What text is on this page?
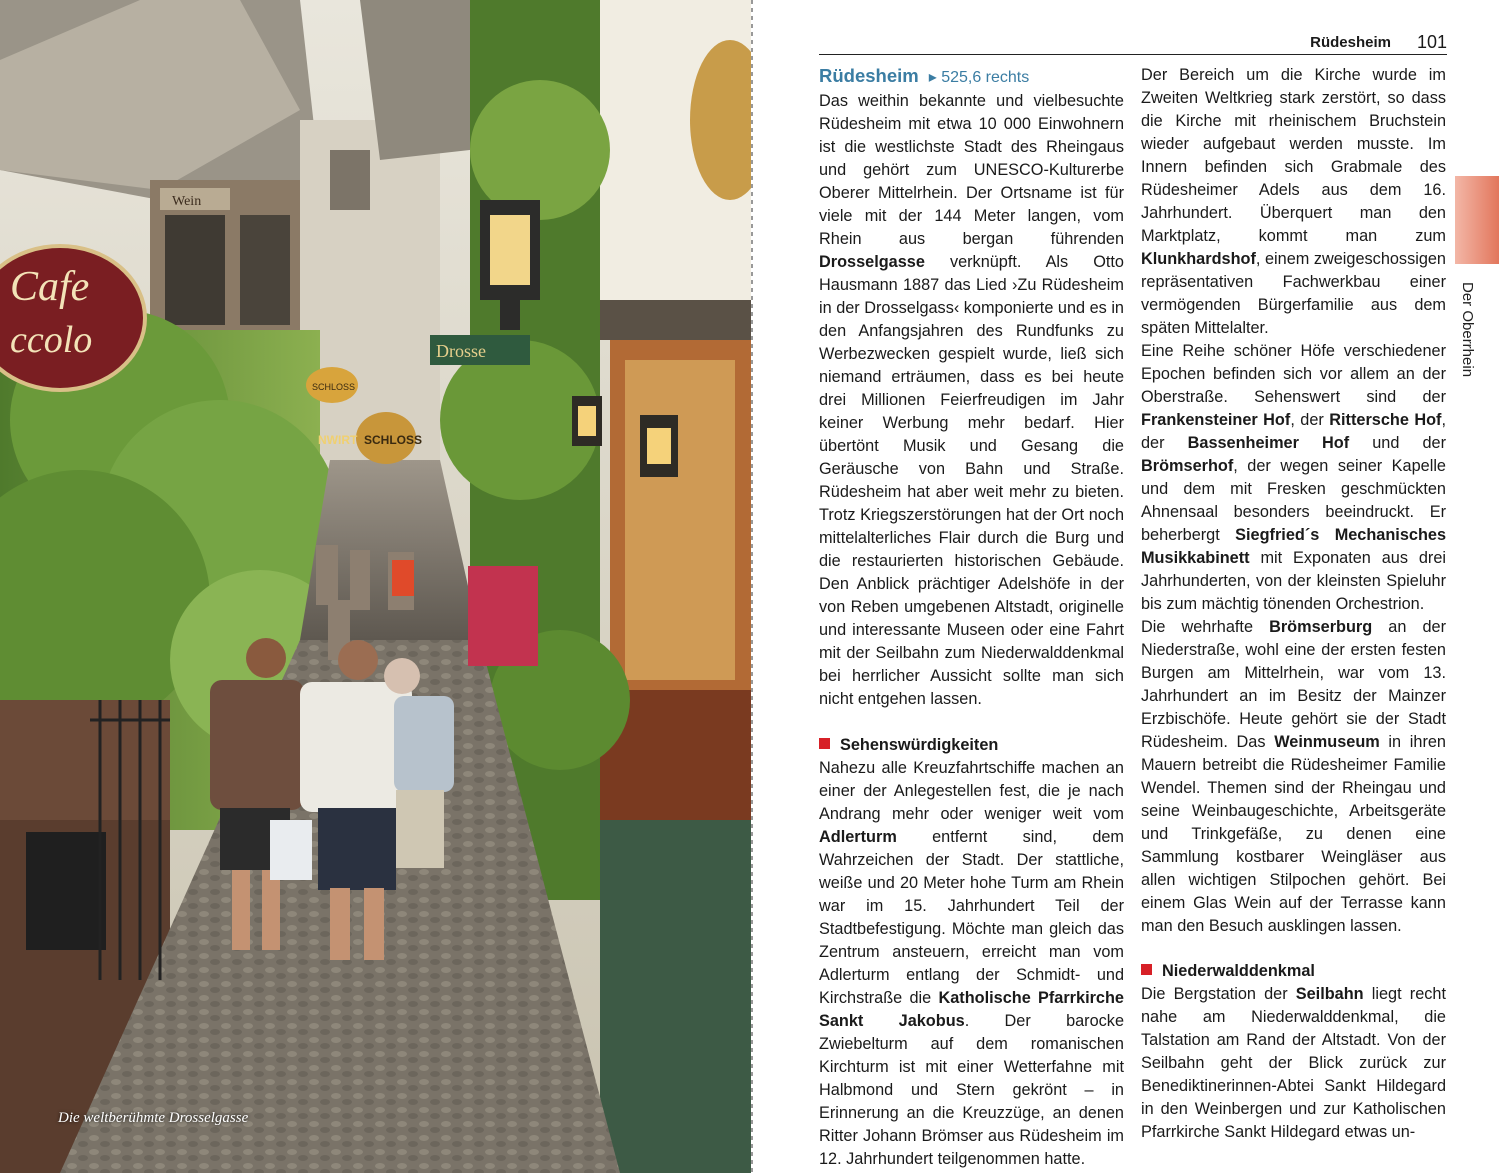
Cafe
ccolo
Wein
Drosse
SCHLOSS
SCHLOSS
NWIRT
Die weltberühmte Drosselgasse
Rüdesheim 101
Der Oberrhein

Rüdesheim ▸ 525,6 rechts

Das weithin bekannte und vielbesuchte Rüdesheim mit etwa 10 000 Einwohnern ist die westlichste Stadt des Rheingaus und gehört zum UNESCO-Kulturerbe Oberer Mittelrhein. Der Ortsname ist für viele mit der 144 Meter langen, vom Rhein aus bergan führenden Drosselgasse verknüpft. Als Otto Hausmann 1887 das Lied ›Zu Rüdesheim in der Drosselgass‹ komponierte und es in den Anfangsjahren des Rundfunks zu Werbezwecken gespielt wurde, ließ sich niemand erträumen, dass es bei heute drei Millionen Feierfreudigen im Jahr keiner Werbung mehr bedarf. Hier übertönt Musik und Gesang die Geräusche von Bahn und Straße. Rüdesheim hat aber weit mehr zu bieten. Trotz Kriegszerstörungen hat der Ort noch mittelalterliches Flair durch die Burg und die restaurierten historischen Gebäude. Den Anblick prächtiger Adelshöfe in der von Reben umgebenen Altstadt, originelle und interessante Museen oder eine Fahrt mit der Seilbahn zum Niederwalddenkmal bei herrlicher Aussicht sollte man sich nicht entgehen lassen.

Sehenswürdigkeiten

Nahezu alle Kreuzfahrtschiffe machen an einer der Anlegestellen fest, die je nach Andrang mehr oder weniger weit vom Adlerturm entfernt sind, dem Wahrzeichen der Stadt. Der stattliche, weiße und 20 Meter hohe Turm am Rhein war im 15. Jahrhundert Teil der Stadtbefestigung. Möchte man gleich das Zentrum ansteuern, erreicht man vom Adlerturm entlang der Schmidt- und Kirchstraße die Katholische Pfarrkirche Sankt Jakobus. Der barocke Zwiebelturm auf dem romanischen Kirchturm ist mit einer Wetterfahne mit Halbmond und Stern gekrönt – in Erinnerung an die Kreuzzüge, an denen Ritter Johann Brömser aus Rüdesheim im 12. Jahrhundert teilgenommen hatte.

Der Bereich um die Kirche wurde im Zweiten Weltkrieg stark zerstört, so dass die Kirche mit rheinischem Bruchstein wieder aufgebaut werden musste. Im Innern befinden sich Grabmale des Rüdesheimer Adels aus dem 16. Jahrhundert. Überquert man den Marktplatz, kommt man zum Klunkhardshof, einem zweigeschossigen repräsentativen Fachwerkbau einer vermögenden Bürgerfamilie aus dem späten Mittelalter.

Eine Reihe schöner Höfe verschiedener Epochen befinden sich vor allem an der Oberstraße. Sehenswert sind der Frankensteiner Hof, der Rittersche Hof, der Bassenheimer Hof und der Brömserhof, der wegen seiner Kapelle und dem mit Fresken geschmückten Ahnensaal besonders beeindruckt. Er beherbergt Siegfried´s Mechanisches Musikkabinett mit Exponaten aus drei Jahrhunderten, von der kleinsten Spieluhr bis zum mächtig tönenden Orchestrion.

Die wehrhafte Brömserburg an der Niederstraße, wohl eine der ersten festen Burgen am Mittelrhein, war vom 13. Jahrhundert an im Besitz der Mainzer Erzbischöfe. Heute gehört sie der Stadt Rüdesheim. Das Weinmuseum in ihren Mauern betreibt die Rüdesheimer Familie Wendel. Themen sind der Rheingau und seine Weinbaugeschichte, Arbeitsgeräte und Trinkgefäße, zu denen eine Sammlung kostbarer Weingläser aus allen wichtigen Stilpochen gehört. Bei einem Glas Wein auf der Terrasse kann man den Besuch ausklingen lassen.

Niederwalddenkmal

Die Bergstation der Seilbahn liegt recht nahe am Niederwalddenkmal, die Talstation am Rand der Altstadt. Von der Seilbahn geht der Blick zurück zur Benediktinerinnen-Abtei Sankt Hildegard in den Weinbergen und zur Katholischen Pfarrkirche Sankt Hildegard etwas un-
